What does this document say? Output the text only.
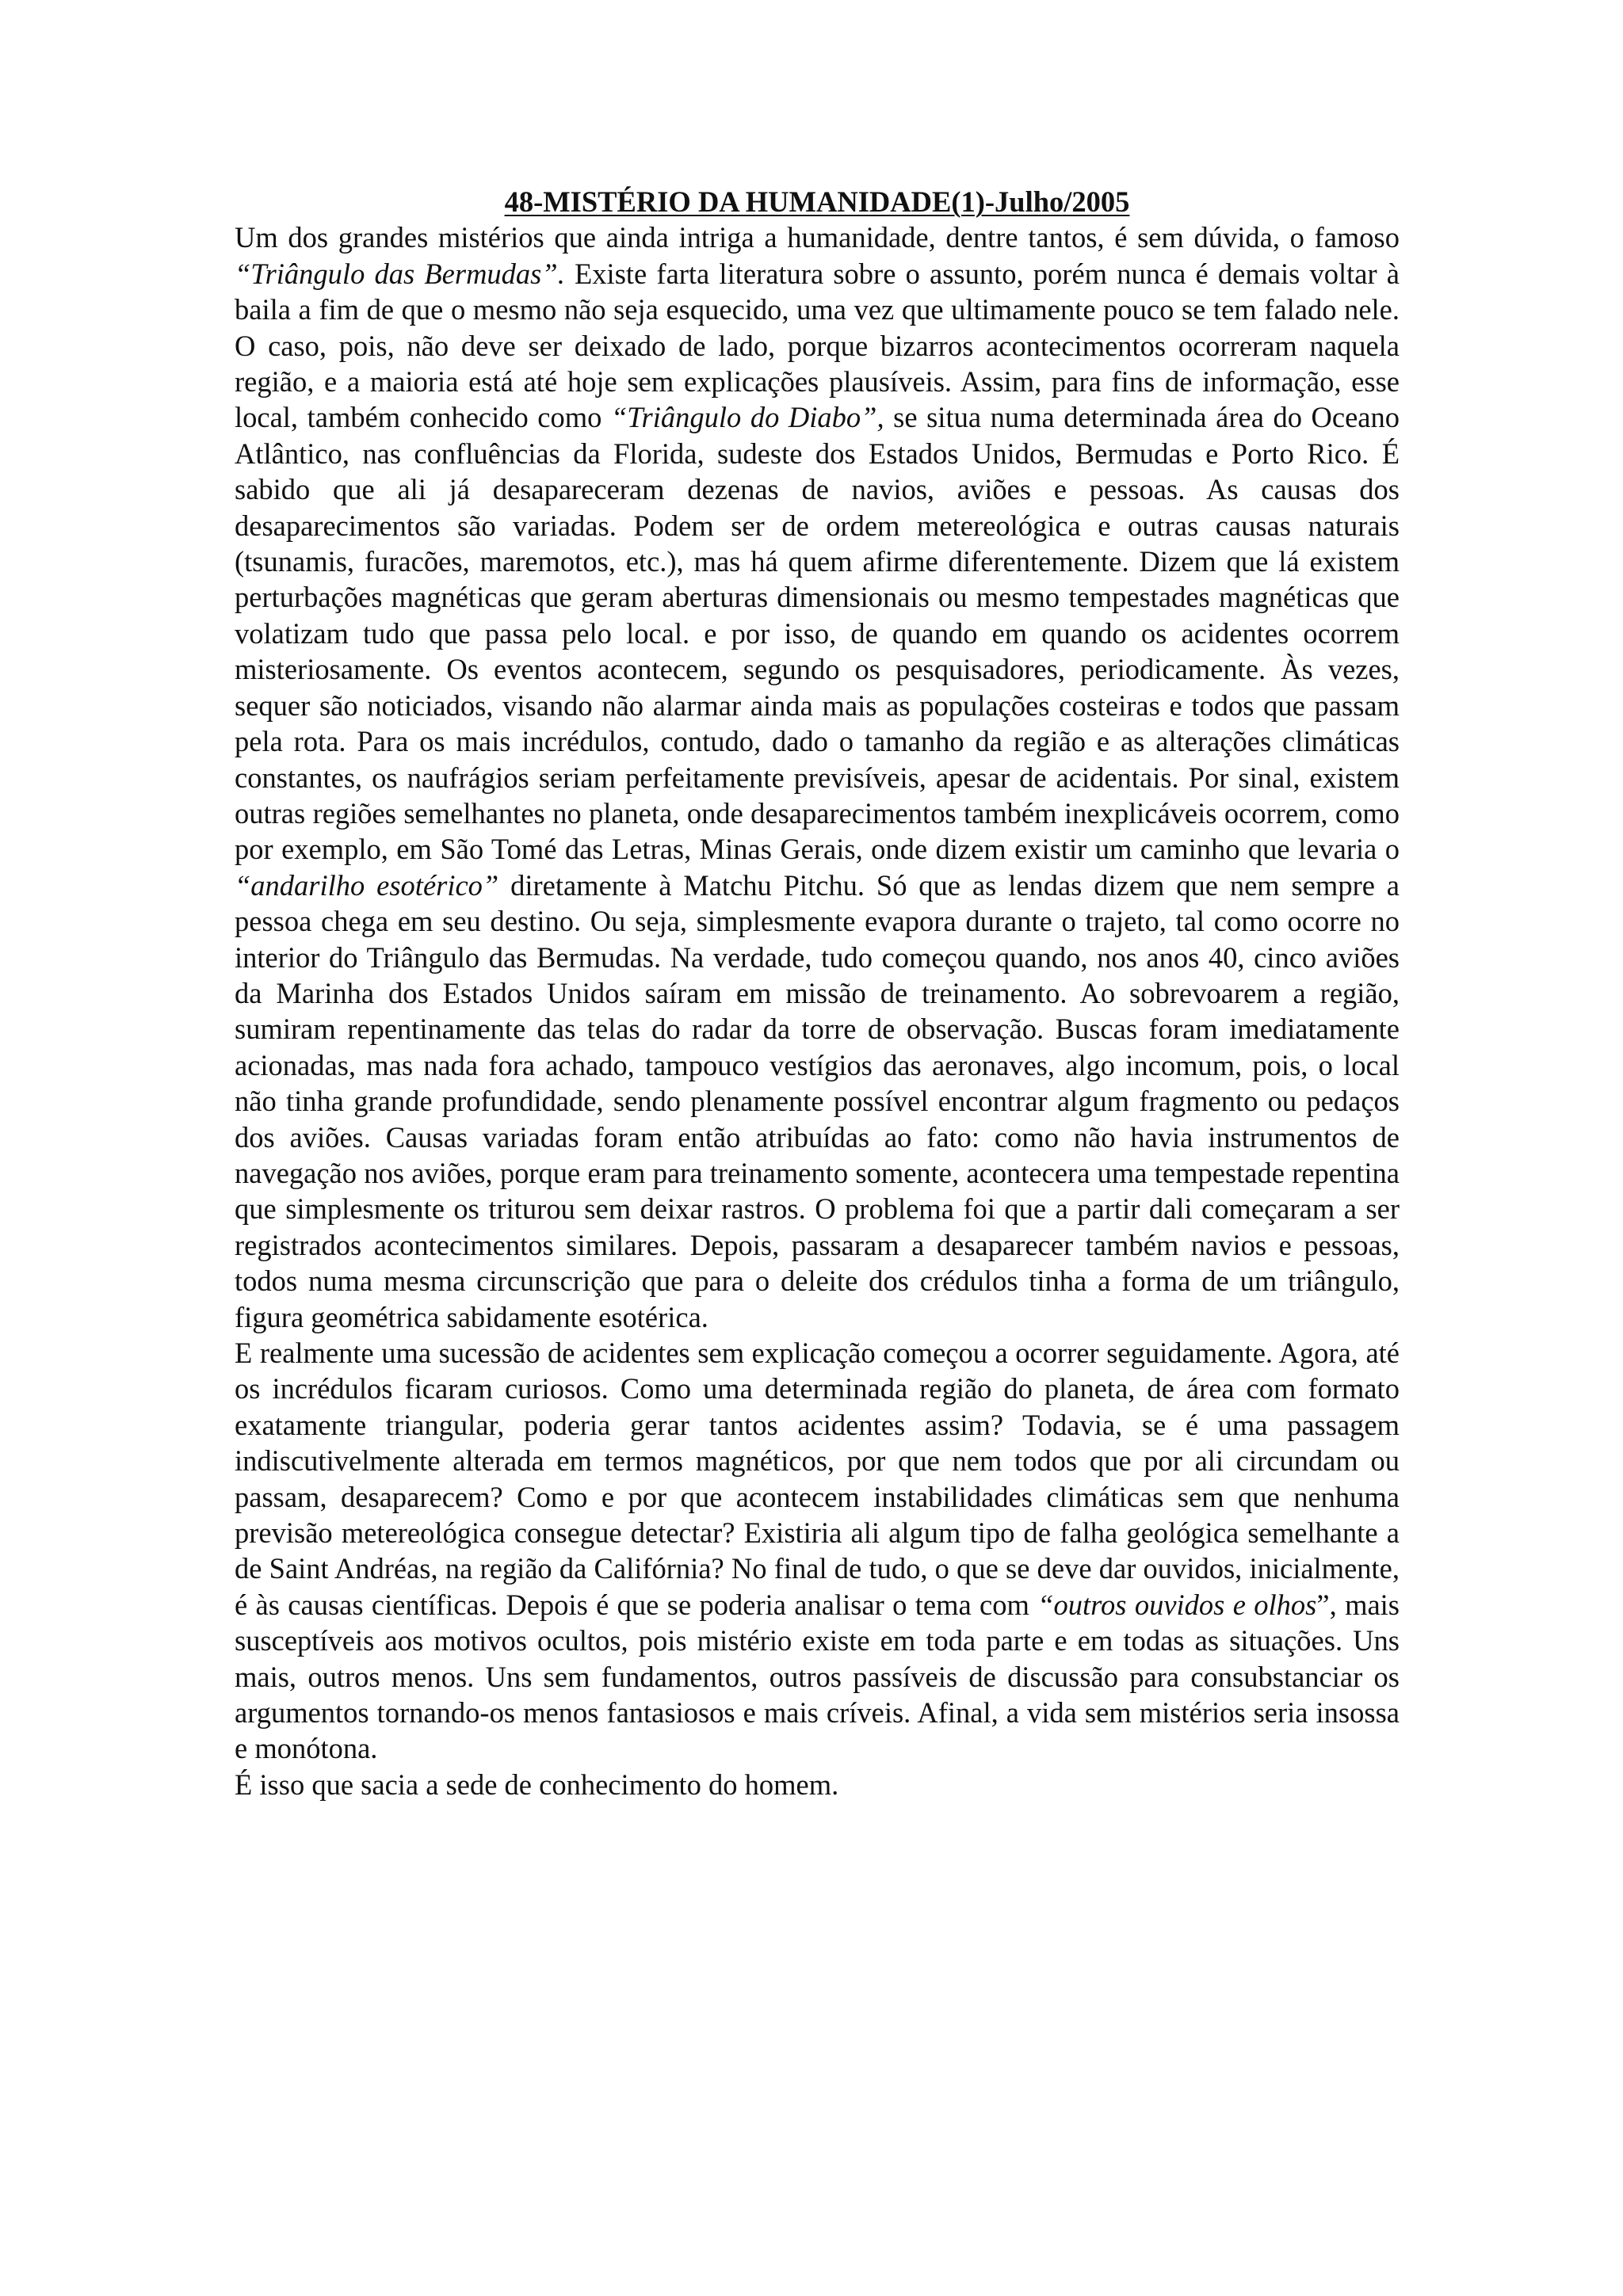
48-MISTÉRIO DA HUMANIDADE(1)-Julho/2005

Um dos grandes mistérios que ainda intriga a humanidade, dentre tantos, é sem dúvida, o famoso “Triângulo das Bermudas”. Existe farta literatura sobre o assunto, porém nunca é demais voltar à baila a fim de que o mesmo não seja esquecido, uma vez que ultimamente pouco se tem falado nele. O caso, pois, não deve ser deixado de lado, porque bizarros acontecimentos ocorreram naquela região, e a maioria está até hoje sem explicações plausíveis. Assim, para fins de informação, esse local, também conhecido como “Triângulo do Diabo”, se situa numa determinada área do Oceano Atlântico, nas confluências da Florida, sudeste dos Estados Unidos, Bermudas e Porto Rico. É sabido que ali já desapareceram dezenas de navios, aviões e pessoas. As causas dos desaparecimentos são variadas. Podem ser de ordem metereológica e outras causas naturais (tsunamis, furacões, maremotos, etc.), mas há quem afirme diferentemente. Dizem que lá existem perturbações magnéticas que geram aberturas dimensionais ou mesmo tempestades magnéticas que volatizam tudo que passa pelo local. e por isso, de quando em quando os acidentes ocorrem misteriosamente. Os eventos acontecem, segundo os pesquisadores, periodicamente. Às vezes, sequer são noticiados, visando não alarmar ainda mais as populações costeiras e todos que passam pela rota. Para os mais incrédulos, contudo, dado o tamanho da região e as alterações climáticas constantes, os naufrágios seriam perfeitamente previsíveis, apesar de acidentais. Por sinal, existem outras regiões semelhantes no planeta, onde desaparecimentos também inexplicáveis ocorrem, como por exemplo, em São Tomé das Letras, Minas Gerais, onde dizem existir um caminho que levaria o “andarilho esotérico” diretamente à Matchu Pitchu. Só que as lendas dizem que nem sempre a pessoa chega em seu destino. Ou seja, simplesmente evapora durante o trajeto, tal como ocorre no interior do Triângulo das Bermudas. Na verdade, tudo começou quando, nos anos 40, cinco aviões da Marinha dos Estados Unidos saíram em missão de treinamento. Ao sobrevoarem a região, sumiram repentinamente das telas do radar da torre de observação. Buscas foram imediatamente acionadas, mas nada fora achado, tampouco vestígios das aeronaves, algo incomum, pois, o local não tinha grande profundidade, sendo plenamente possível encontrar algum fragmento ou pedaços dos aviões. Causas variadas foram então atribuídas ao fato: como não havia instrumentos de navegação nos aviões, porque eram para treinamento somente, acontecera uma tempestade repentina que simplesmente os triturou sem deixar rastros. O problema foi que a partir dali começaram a ser registrados acontecimentos similares. Depois, passaram a desaparecer também navios e pessoas, todos numa mesma circunscrição que para o deleite dos crédulos tinha a forma de um triângulo, figura geométrica sabidamente esotérica.

E realmente uma sucessão de acidentes sem explicação começou a ocorrer seguidamente. Agora, até os incrédulos ficaram curiosos. Como uma determinada região do planeta, de área com formato exatamente triangular, poderia gerar tantos acidentes assim? Todavia, se é uma passagem indiscutivelmente alterada em termos magnéticos, por que nem todos que por ali circundam ou passam, desaparecem? Como e por que acontecem instabilidades climáticas sem que nenhuma previsão metereológica consegue detectar? Existiria ali algum tipo de falha geológica semelhante a de Saint Andréas, na região da Califórnia? No final de tudo, o que se deve dar ouvidos, inicialmente, é às causas científicas. Depois é que se poderia analisar o tema com “outros ouvidos e olhos”, mais susceptíveis aos motivos ocultos, pois mistério existe em toda parte e em todas as situações. Uns mais, outros menos. Uns sem fundamentos, outros passíveis de discussão para consubstanciar os argumentos tornando-os menos fantasiosos e mais críveis. Afinal, a vida sem mistérios seria insossa e monótona.

É isso que sacia a sede de conhecimento do homem.
